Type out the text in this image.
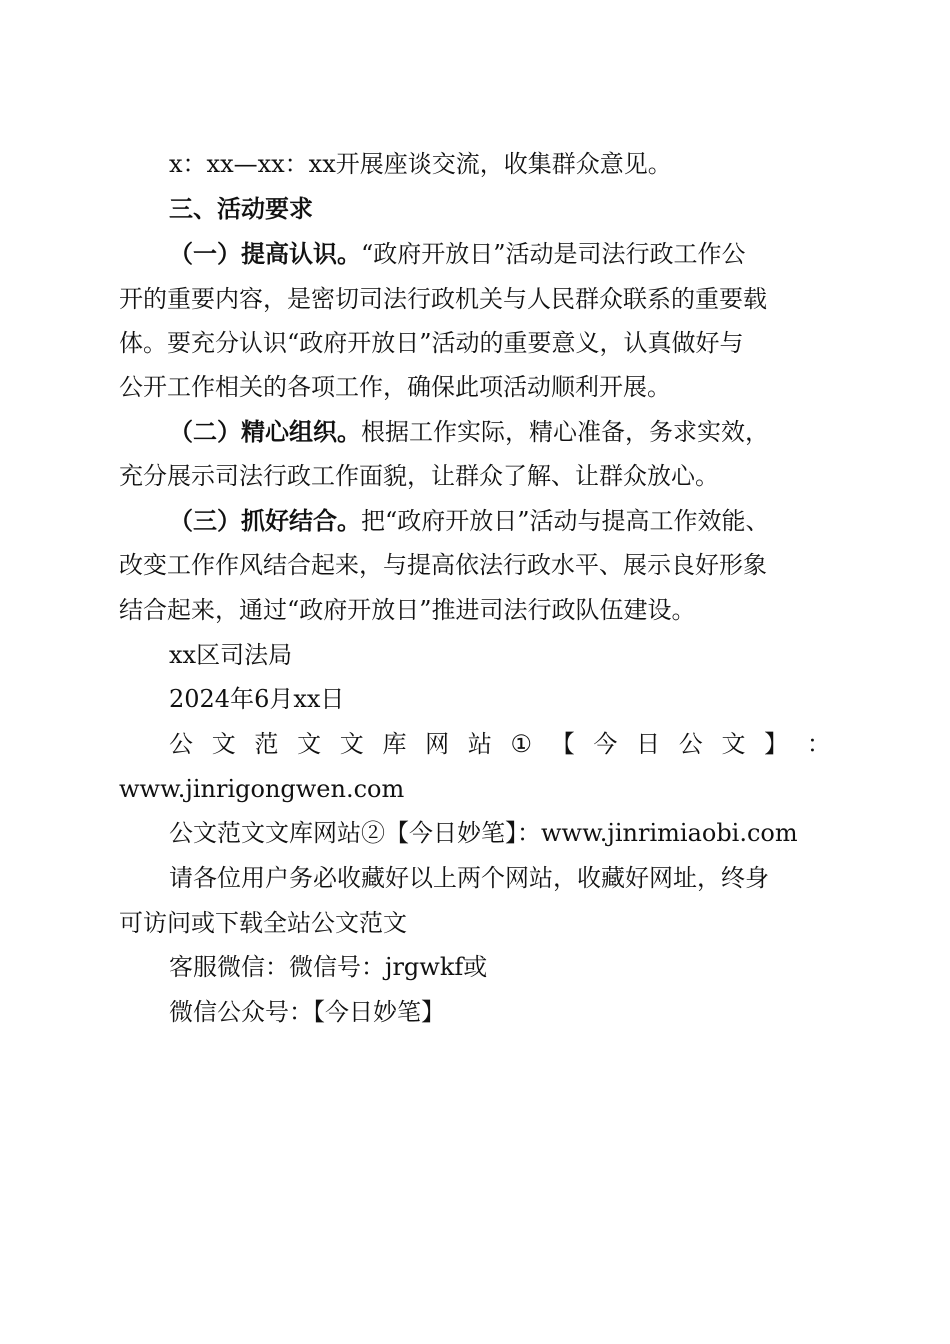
x：xx—xx：xx开展座谈交流，收集群众意见。
三、活动要求
（一）提高认识。“政府开放日”活动是司法行政工作公
开的重要内容，是密切司法行政机关与人民群众联系的重要载
体。要充分认识“政府开放日”活动的重要意义，认真做好与
公开工作相关的各项工作，确保此项活动顺利开展。
（二）精心组织。根据工作实际，精心准备，务求实效，
充分展示司法行政工作面貌，让群众了解、让群众放心。
（三）抓好结合。把“政府开放日”活动与提高工作效能、
改变工作作风结合起来，与提高依法行政水平、展示良好形象
结合起来，通过“政府开放日”推进司法行政队伍建设。
xx区司法局
2024年6月xx日
公 文 范 文 文 库 网 站 ① 【 今 日 公 文 】 ：
www.jinrigongwen.com
公文范文文库网站②【今日妙笔】：www.jinrimiaobi.com
请各位用户务必收藏好以上两个网站，收藏好网址，终身
可访问或下载全站公文范文
客服微信：微信号：jrgwkf或
微信公众号：【今日妙笔】
